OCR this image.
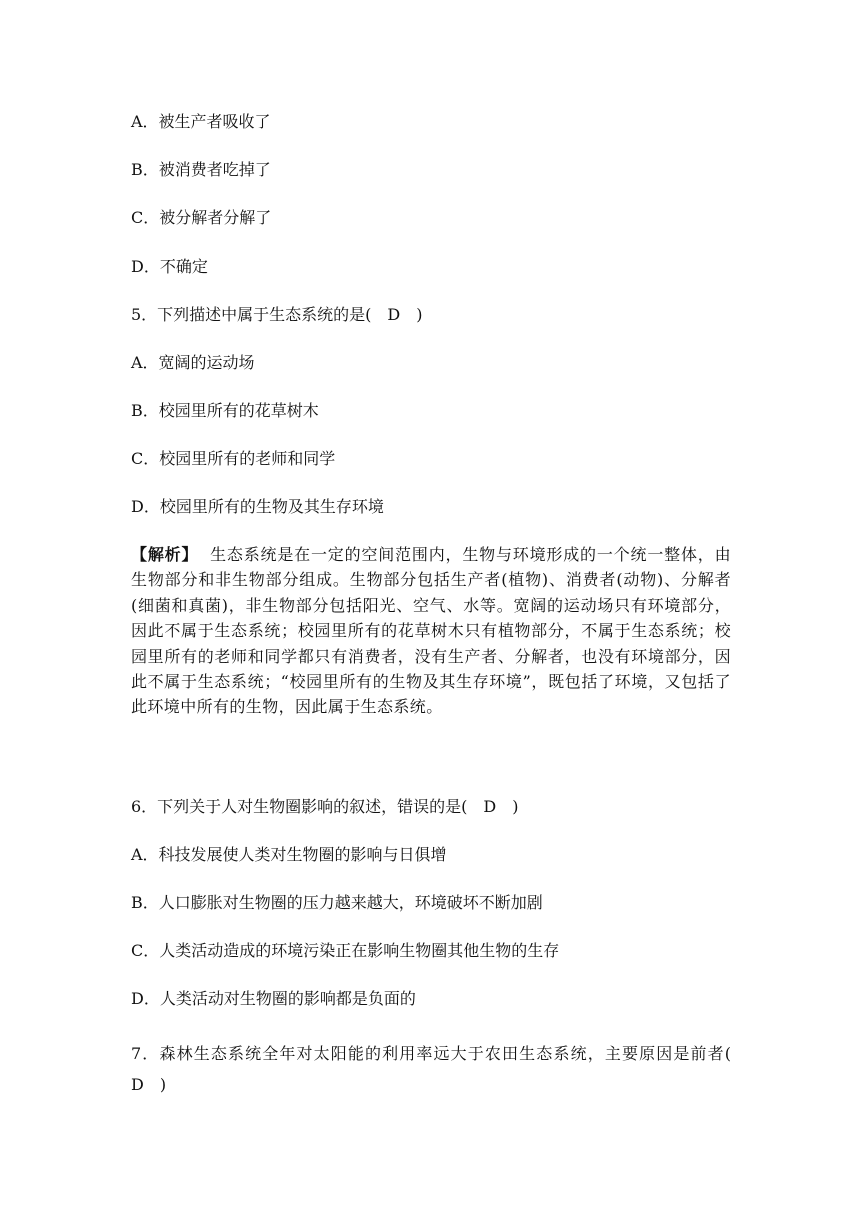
A．被生产者吸收了
B．被消费者吃掉了
C．被分解者分解了
D．不确定
5．下列描述中属于生态系统的是(　D　)
A．宽阔的运动场
B．校园里所有的花草树木
C．校园里所有的老师和同学
D．校园里所有的生物及其生存环境
【解析】 生态系统是在一定的空间范围内，生物与环境形成的一个统一整体，由生物部分和非生物部分组成。生物部分包括生产者(植物)、消费者(动物)、分解者(细菌和真菌)，非生物部分包括阳光、空气、水等。宽阔的运动场只有环境部分，因此不属于生态系统；校园里所有的花草树木只有植物部分，不属于生态系统；校园里所有的老师和同学都只有消费者，没有生产者、分解者，也没有环境部分，因此不属于生态系统；“校园里所有的生物及其生存环境”，既包括了环境，又包括了此环境中所有的生物，因此属于生态系统。
6．下列关于人对生物圈影响的叙述，错误的是(　D　)
A．科技发展使人类对生物圈的影响与日俱增
B．人口膨胀对生物圈的压力越来越大，环境破坏不断加剧
C．人类活动造成的环境污染正在影响生物圈其他生物的生存
D．人类活动对生物圈的影响都是负面的
7．森林生态系统全年对太阳能的利用率远大于农田生态系统，主要原因是前者(　D　)
